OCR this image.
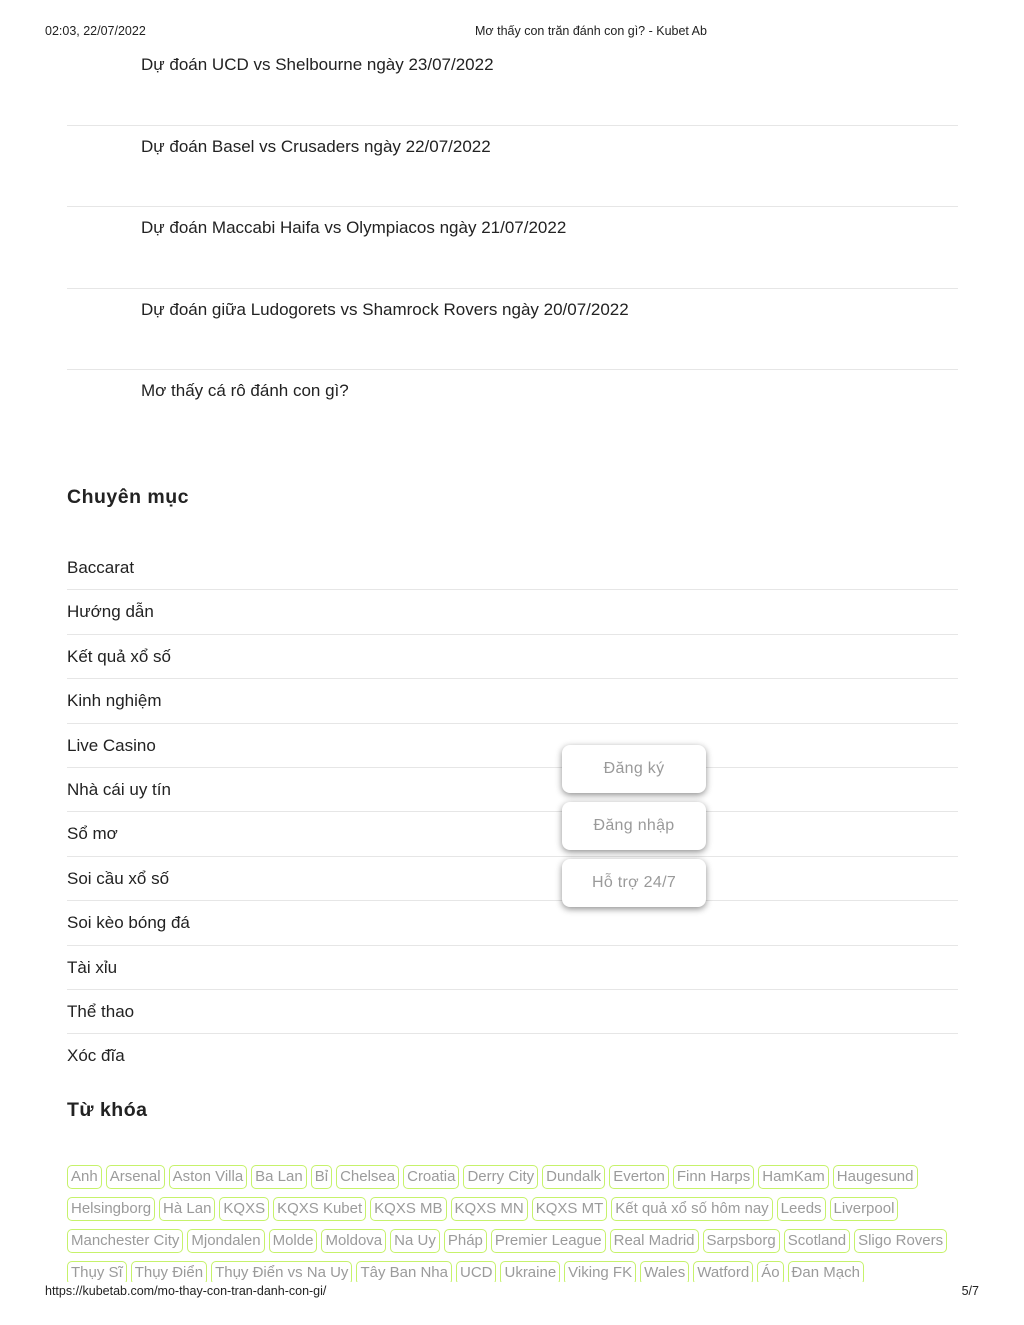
02:03, 22/07/2022	Mơ thấy con trăn đánh con gì? - Kubet Ab
Dự đoán UCD vs Shelbourne ngày 23/07/2022
Dự đoán Basel vs Crusaders ngày 22/07/2022
Dự đoán Maccabi Haifa vs Olympiacos ngày 21/07/2022
Dự đoán giữa Ludogorets vs Shamrock Rovers ngày 20/07/2022
Mơ thấy cá rô đánh con gì?
Chuyên mục
Baccarat
Hướng dẫn
Kết quả xổ số
Kinh nghiệm
Live Casino
Nhà cái uy tín
Sổ mơ
Soi cầu xổ số
Soi kèo bóng đá
Tài xỉu
Thể thao
Xóc đĩa
Từ khóa
Anh Arsenal Aston Villa Ba Lan Bỉ Chelsea Croatia Derry City Dundalk Everton Finn Harps HamKam Haugesund
Helsingborg Hà Lan KQXS KQXS Kubet KQXS MB KQXS MN KQXS MT Kết quả xổ số hôm nay Leeds Liverpool
Manchester City Mjondalen Molde Moldova Na Uy Pháp Premier League Real Madrid Sarpsborg Scotland Sligo Rovers
Thụy Sĩ Thụy Điển Thụy Điển vs Na Uy Tây Ban Nha UCD Ukraine Viking FK Wales Watford Áo Đan Mạch
Đăng ký
Đăng nhập
Hỗ trợ 24/7
https://kubetab.com/mo-thay-con-tran-danh-con-gi/	5/7
